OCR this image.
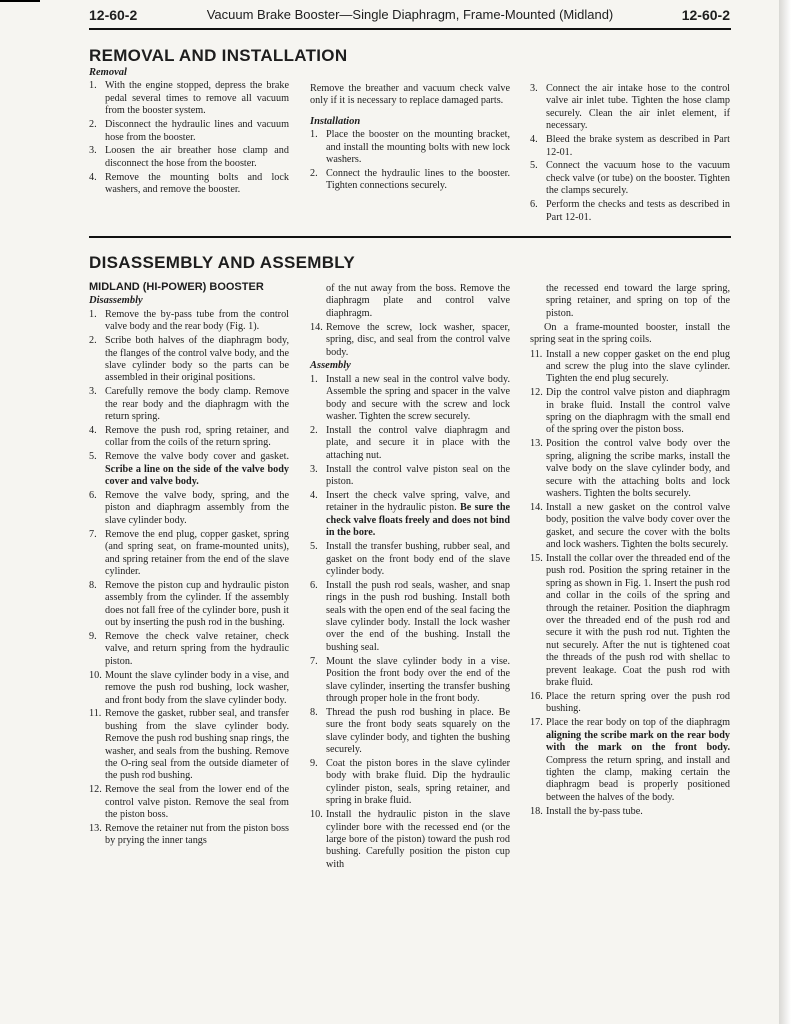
12-60-2	Vacuum Brake Booster—Single Diaphragm, Frame-Mounted (Midland)	12-60-2
REMOVAL AND INSTALLATION
Removal
1. With the engine stopped, depress the brake pedal several times to remove all vacuum from the booster system.
2. Disconnect the hydraulic lines and vacuum hose from the booster.
3. Loosen the air breather hose clamp and disconnect the hose from the booster.
4. Remove the mounting bolts and lock washers, and remove the booster.

Remove the breather and vacuum check valve only if it is necessary to replace damaged parts.

Installation
1. Place the booster on the mounting bracket, and install the mounting bolts with new lock washers.
2. Connect the hydraulic lines to the booster. Tighten connections securely.
3. Connect the air intake hose to the control valve air inlet tube. Tighten the hose clamp securely. Clean the air inlet element, if necessary.
4. Bleed the brake system as described in Part 12-01.
5. Connect the vacuum hose to the vacuum check valve (or tube) on the booster. Tighten the clamps securely.
6. Perform the checks and tests as described in Part 12-01.
DISASSEMBLY AND ASSEMBLY
MIDLAND (HI-POWER) BOOSTER
Disassembly
1. Remove the by-pass tube from the control valve body and the rear body (Fig. 1).
2. Scribe both halves of the diaphragm body, the flanges of the control valve body, and the slave cylinder body so the parts can be assembled in their original positions.
3. Carefully remove the body clamp. Remove the rear body and the diaphragm with the return spring.
4. Remove the push rod, spring retainer, and collar from the coils of the return spring.
5. Remove the valve body cover and gasket. Scribe a line on the side of the valve body cover and valve body.
6. Remove the valve body, spring, and the piston and diaphragm assembly from the slave cylinder body.
7. Remove the end plug, copper gasket, spring (and spring seat, on frame-mounted units), and spring retainer from the end of the slave cylinder.
8. Remove the piston cup and hydraulic piston assembly from the cylinder. If the assembly does not fall free of the cylinder bore, push it out by inserting the push rod in the bushing.
9. Remove the check valve retainer, check valve, and return spring from the hydraulic piston.
10. Mount the slave cylinder body in a vise, and remove the push rod bushing, lock washer, and front body from the slave cylinder body.
11. Remove the gasket, rubber seal, and transfer bushing from the slave cylinder body. Remove the push rod bushing snap rings, the washer, and seals from the bushing. Remove the O-ring seal from the outside diameter of the push rod bushing.
12. Remove the seal from the lower end of the control valve piston. Remove the seal from the piston boss.
13. Remove the retainer nut from the piston boss by prying the inner tangs
of the nut away from the boss. Remove the diaphragm plate and control valve diaphragm.
14. Remove the screw, lock washer, spacer, spring, disc, and seal from the control valve body.
Assembly
1. Install a new seal in the control valve body. Assemble the spring and spacer in the valve body and secure with the screw and lock washer. Tighten the screw securely.
2. Install the control valve diaphragm and plate, and secure it in place with the attaching nut.
3. Install the control valve piston seal on the piston.
4. Insert the check valve spring, valve, and retainer in the hydraulic piston. Be sure the check valve floats freely and does not bind in the bore.
5. Install the transfer bushing, rubber seal, and gasket on the front body end of the slave cylinder body.
6. Install the push rod seals, washer, and snap rings in the push rod bushing. Install both seals with the open end of the seal facing the slave cylinder body. Install the lock washer over the end of the bushing. Install the bushing seal.
7. Mount the slave cylinder body in a vise. Position the front body over the end of the slave cylinder, inserting the transfer bushing through proper hole in the front body.
8. Thread the push rod bushing in place. Be sure the front body seats squarely on the slave cylinder body, and tighten the bushing securely.
9. Coat the piston bores in the slave cylinder body with brake fluid. Dip the hydraulic cylinder piston, seals, spring retainer, and spring in brake fluid.
10. Install the hydraulic piston in the slave cylinder bore with the recessed end (or the large bore of the piston) toward the push rod bushing. Carefully position the piston cup with
the recessed end toward the large spring, spring retainer, and spring on top of the piston.

On a frame-mounted booster, install the spring seat in the spring coils.

11. Install a new copper gasket on the end plug and screw the plug into the slave cylinder. Tighten the end plug securely.
12. Dip the control valve piston and diaphragm in brake fluid. Install the control valve spring on the diaphragm with the small end of the spring over the piston boss.
13. Position the control valve body over the spring, aligning the scribe marks, install the valve body on the slave cylinder body, and secure with the attaching bolts and lock washers. Tighten the bolts securely.
14. Install a new gasket on the control valve body, position the valve body cover over the gasket, and secure the cover with the bolts and lock washers. Tighten the bolts securely.
15. Install the collar over the threaded end of the push rod. Position the spring retainer in the spring as shown in Fig. 1. Insert the push rod and collar in the coils of the spring and through the retainer. Position the diaphragm over the threaded end of the push rod and secure it with the push rod nut. Tighten the nut securely. After the nut is tightened coat the threads of the push rod with shellac to prevent leakage. Coat the push rod with brake fluid.
16. Place the return spring over the push rod bushing.
17. Place the rear body on top of the diaphragm aligning the scribe mark on the rear body with the mark on the front body. Compress the return spring, and install and tighten the clamp, making certain the diaphragm bead is properly positioned between the halves of the body.
18. Install the by-pass tube.
